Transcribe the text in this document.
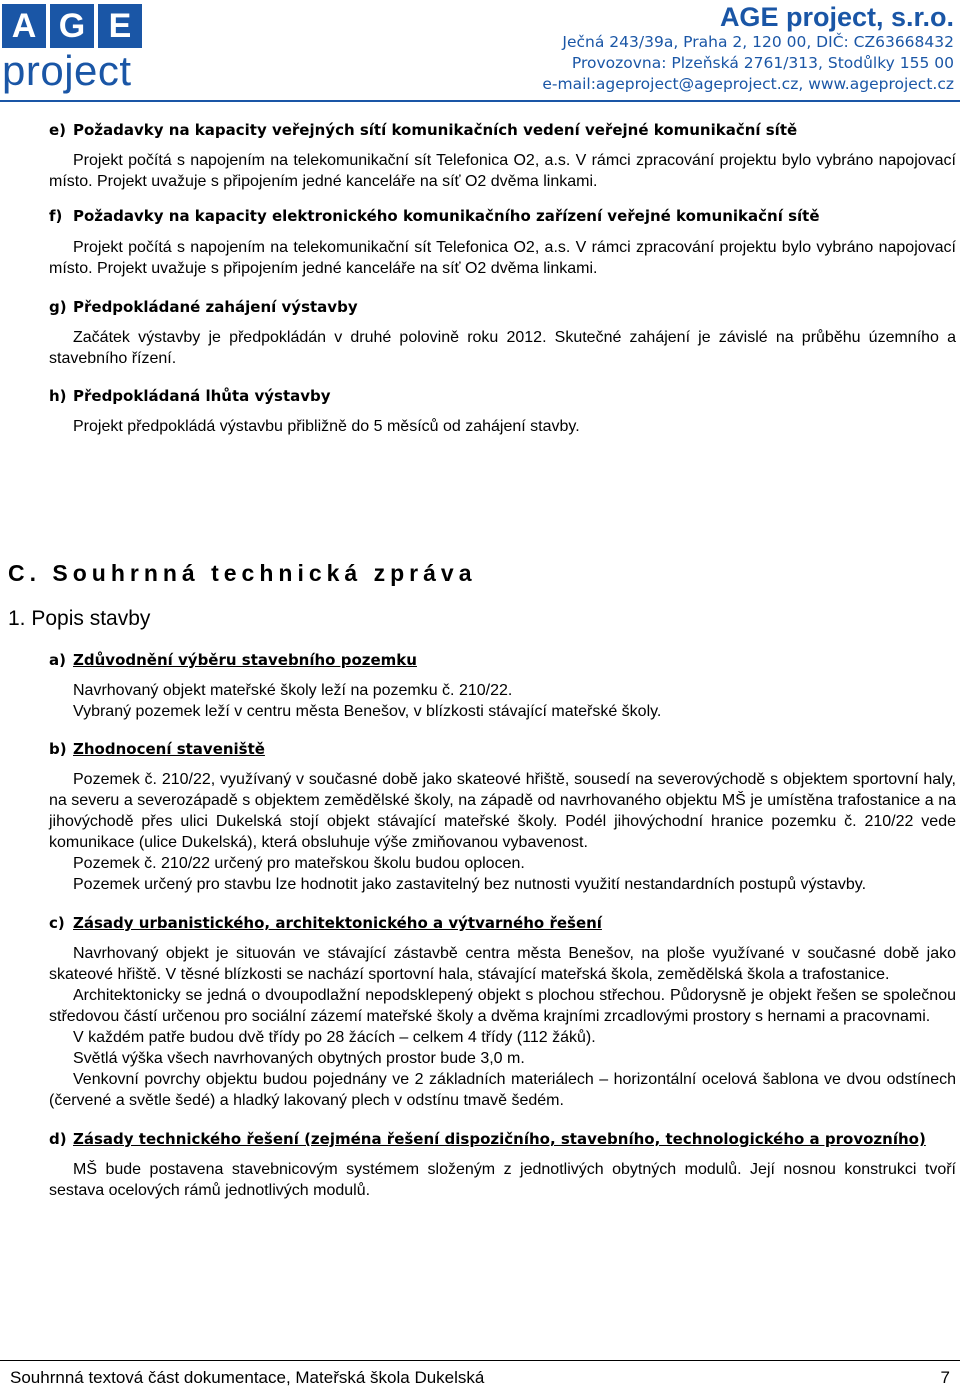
A G E
project
AGE project, s.r.o.
Ječná 243/39a, Praha 2, 120 00, DIČ: CZ63668432
Provozovna: Plzeňská 2761/313, Stodůlky 155 00
e-mail:ageproject@ageproject.cz, www.ageproject.cz
e) Požadavky na kapacity veřejných sítí komunikačních vedení veřejné komunikační sítě
Projekt počítá s napojením na telekomunikační sít Telefonica O2, a.s. V rámci zpracování projektu bylo vybráno napojovací místo. Projekt uvažuje s připojením jedné kanceláře na síť O2 dvěma linkami.
f) Požadavky na kapacity elektronického komunikačního zařízení veřejné komunikační sítě
Projekt počítá s napojením na telekomunikační sít Telefonica O2, a.s. V rámci zpracování projektu bylo vybráno napojovací místo. Projekt uvažuje s připojením jedné kanceláře na síť O2 dvěma linkami.
g) Předpokládané zahájení výstavby
Začátek výstavby je předpokládán v druhé polovině roku 2012. Skutečné zahájení je závislé na průběhu územního a stavebního řízení.
h) Předpokládaná lhůta výstavby
Projekt předpokládá výstavbu přibližně do 5 měsíců od zahájení stavby.
C. Souhrnná technická zpráva
1. Popis stavby
a) Zdůvodnění výběru stavebního pozemku
Navrhovaný objekt mateřské školy leží na pozemku č. 210/22.
Vybraný pozemek leží v centru města Benešov, v blízkosti stávající mateřské školy.
b) Zhodnocení staveniště
Pozemek č. 210/22, využívaný v současné době jako skateové hřiště, sousedí na severovýchodě s objektem sportovní haly, na severu a severozápadě s objektem zemědělské školy, na západě od navrhovaného objektu MŠ je umístěna trafostanice a na jihovýchodě přes ulici Dukelská stojí objekt stávající mateřské školy. Podél jihovýchodní hranice pozemku č. 210/22 vede komunikace (ulice Dukelská), která obsluhuje výše zmiňovanou vybavenost.
Pozemek č. 210/22 určený pro mateřskou školu budou oplocen.
Pozemek určený pro stavbu lze hodnotit jako zastavitelný bez nutnosti využití nestandardních postupů výstavby.
c) Zásady urbanistického, architektonického a výtvarného řešení
Navrhovaný objekt je situován ve stávající zástavbě centra města Benešov, na ploše využívané v současné době jako skateové hřiště. V těsné blízkosti se nachází sportovní hala, stávající mateřská škola, zemědělská škola a trafostanice.
Architektonicky se jedná o dvoupodlažní nepodsklepený objekt s plochou střechou. Půdorysně je objekt řešen se společnou středovou částí určenou pro sociální zázemí mateřské školy a dvěma krajními zrcadlovými prostory s hernami a pracovnami.
V každém patře budou dvě třídy po 28 žácích – celkem 4 třídy (112 žáků).
Světlá výška všech navrhovaných obytných prostor bude 3,0 m.
Venkovní povrchy objektu budou pojednány ve 2 základních materiálech – horizontální ocelová šablona ve dvou odstínech (červené a světle šedé) a hladký lakovaný plech v odstínu tmavě šedém.
d) Zásady technického řešení (zejména řešení dispozičního, stavebního, technologického a provozního)
MŠ bude postavena stavebnicovým systémem složeným z jednotlivých obytných modulů. Její nosnou konstrukci tvoří sestava ocelových rámů jednotlivých modulů.
Souhrnná textová část dokumentace, Mateřská škola Dukelská	7
